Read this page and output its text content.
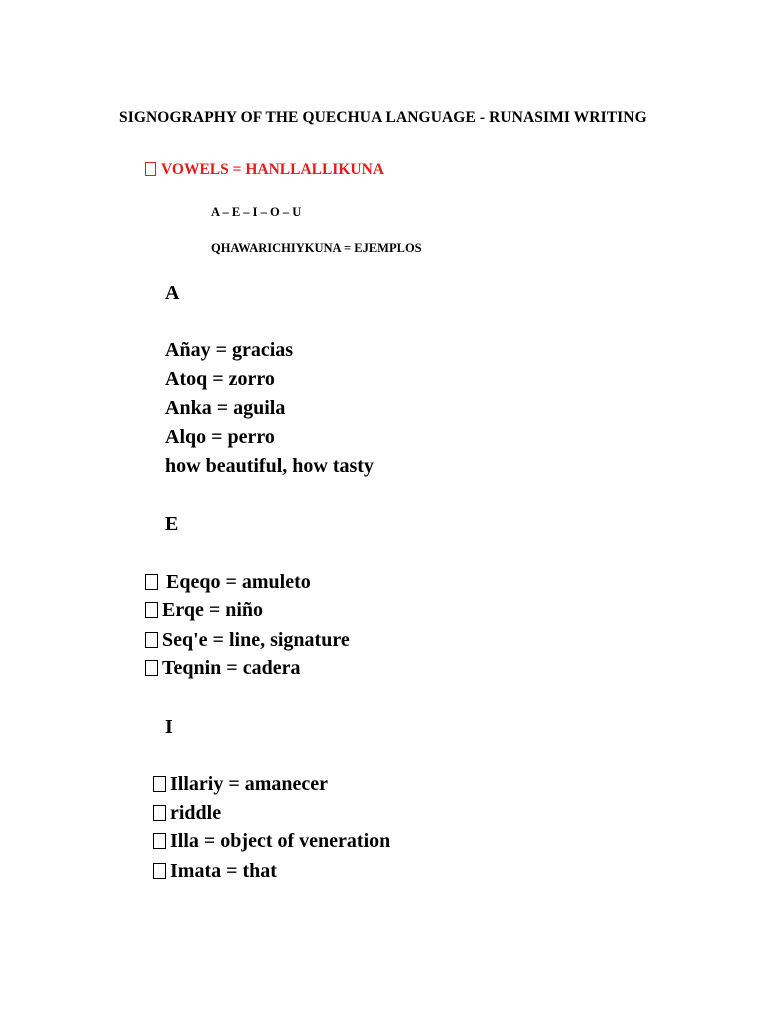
SIGNOGRAPHY OF THE QUECHUA LANGUAGE - RUNASIMI WRITING

VOWELS = HANLLALLIKUNA

A – E – I – O – U

QHAWARICHIYKUNA = EJEMPLOS

A

Añay = gracias

Atoq = zorro

Anka = aguila

Alqo = perro

how beautiful, how tasty

E

Eqeqo = amuleto

Erqe = niño

Seq'e = line, signature

Teqnin = cadera

I

Illariy = amanecer

riddle

Illa = object of veneration

Imata = that
